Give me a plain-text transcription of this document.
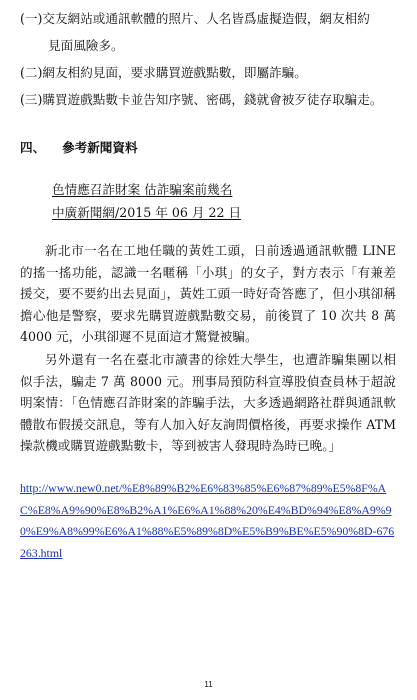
(一)交友網站或通訊軟體的照片、人名皆爲虛擬造假，網友相約
見面風險多。
(二)網友相約見面，要求購買遊戲點數，即屬詐騙。
(三)購買遊戲點數卡並告知序號、密碼，錢就會被歹徒存取騙走。
四、 參考新聞資料
色情應召詐財案 估詐騙案前幾名
中廣新聞網/2015 年 06 月 22 日

新北市一名在工地任職的黃姓工頭，日前透過通訊軟體 LINE 的搖一搖功能，認識一名暱稱「小琪」的女子，對方表示「有兼差援交，要不要約出去見面」，黃姓工頭一時好奇答應了，但小琪卻稱擔心他是警察，要求先購買遊戲點數交易，前後買了 10 次共 8 萬 4000 元，小琪卻遲不見面這才驚覺被騙。

另外還有一名在臺北市讀書的徐姓大學生，也遭詐騙集團以相似手法，騙走 7 萬 8000 元。刑事局預防科宣導股偵查員林于超說明案情：「色情應召詐財案的詐騙手法，大多透過網路社群與通訊軟體散布假援交訊息，等有人加入好友詢問價格後，再要求操作 ATM 操款機或購買遊戲點數卡，等到被害人發現時為時已晚。」

http://www.new0.net/%E8%89%B2%E6%83%85%E6%87%89%E5%8F%AC%E8%A9%90%E8%B2%A1%E6%A1%88%20%E4%BD%94%E8%A9%90%E9%A8%99%E6%A1%88%E5%89%8D%E5%B9%BE%E5%90%8D-676263.html

11
